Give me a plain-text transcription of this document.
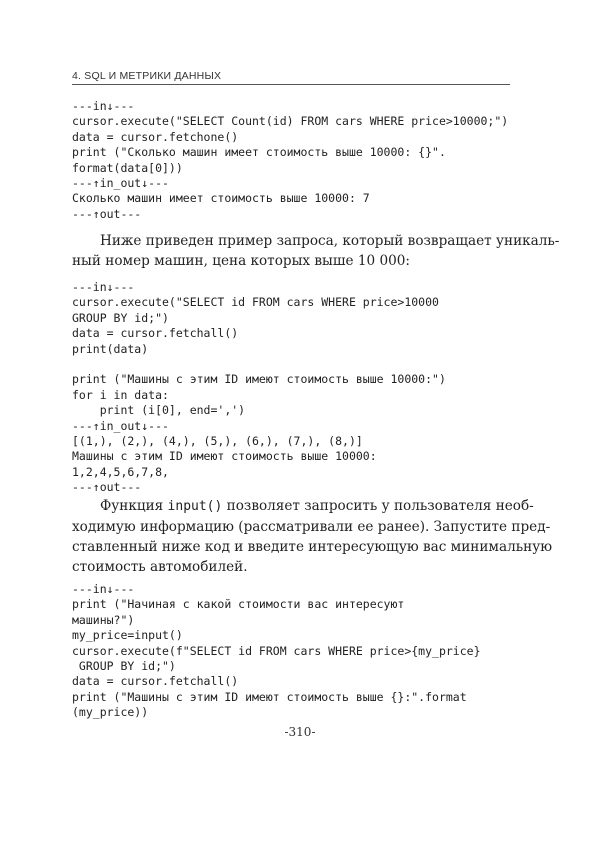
4. SQL И МЕТРИКИ ДАННЫХ
---in↓---
cursor.execute("SELECT Count(id) FROM cars WHERE price>10000;")
data = cursor.fetchone()
print ("Сколько машин имеет стоимость выше 10000: {}".
format(data[0]))
---↑in_out↓---
Сколько машин имеет стоимость выше 10000: 7
---↑out---

Ниже приведен пример запроса, который возвращает уникаль-
ный номер машин, цена которых выше 10 000:

---in↓---
cursor.execute("SELECT id FROM cars WHERE price>10000
GROUP BY id;")
data = cursor.fetchall()
print(data)
print ("Машины с этим ID имеют стоимость выше 10000:")
for i in data:
print (i[0], end=',')
---↑in_out↓---
[(1,), (2,), (4,), (5,), (6,), (7,), (8,)]
Машины с этим ID имеют стоимость выше 10000:
1,2,4,5,6,7,8,
---↑out---

Функция input() позволяет запросить у пользователя необ-
ходимую информацию (рассматривали ее ранее). Запустите пред-
ставленный ниже код и введите интересующую вас минимальную
стоимость автомобилей.

---in↓---
print ("Начиная с какой стоимости вас интересуют
машины?")
my_price=input()
cursor.execute(f"SELECT id FROM cars WHERE price>{my_price}
GROUP BY id;")
data = cursor.fetchall()
print ("Машины с этим ID имеют стоимость выше {}:".format
(my_price))
-310-
